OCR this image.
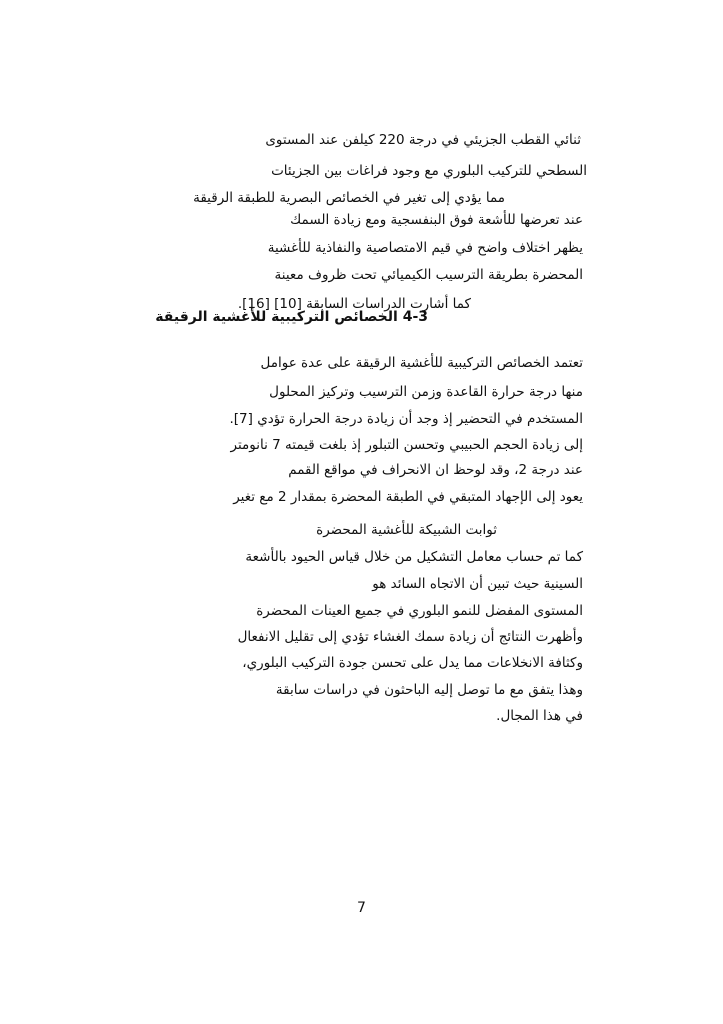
ثنائي القطب الجزيئي في درجة 220 كيلفن عند المستوى
السطحي للتركيب البلوري مع وجود فراغات بين الجزيئات
مما يؤدي إلى تغير في الخصائص البصرية للطبقة الرقيقة
عند تعرضها للأشعة فوق البنفسجية ومع زيادة السمك
يظهر اختلاف واضح في قيم الامتصاصية والنفاذية للأغشية
المحضرة بطريقة الترسيب الكيميائي تحت ظروف معينة
كما أشارت الدراسات السابقة [10] [16].
4-3 الخصائص التركيبية للأغشية الرقيقة
تعتمد الخصائص التركيبية للأغشية الرقيقة على عدة عوامل
منها درجة حرارة القاعدة وزمن الترسيب وتركيز المحلول
المستخدم في التحضير إذ وجد أن زيادة درجة الحرارة تؤدي [7].
إلى زيادة الحجم الحبيبي وتحسن التبلور إذ بلغت قيمته 7 نانومتر
عند درجة 2، وقد لوحظ ان الانحراف في مواقع القمم
يعود إلى الإجهاد المتبقي في الطبقة المحضرة بمقدار 2 مع تغير
ثوابت الشبيكة للأغشية المحضرة
كما تم حساب معامل التشكيل من خلال قياس الحيود بالأشعة
السينية حيث تبين أن الاتجاه السائد هو
المستوى المفضل للنمو البلوري في جميع العينات المحضرة
وأظهرت النتائج أن زيادة سمك الغشاء تؤدي إلى تقليل الانفعال
وكثافة الانخلاعات مما يدل على تحسن جودة التركيب البلوري،
وهذا يتفق مع ما توصل إليه الباحثون في دراسات سابقة
في هذا المجال.
7
